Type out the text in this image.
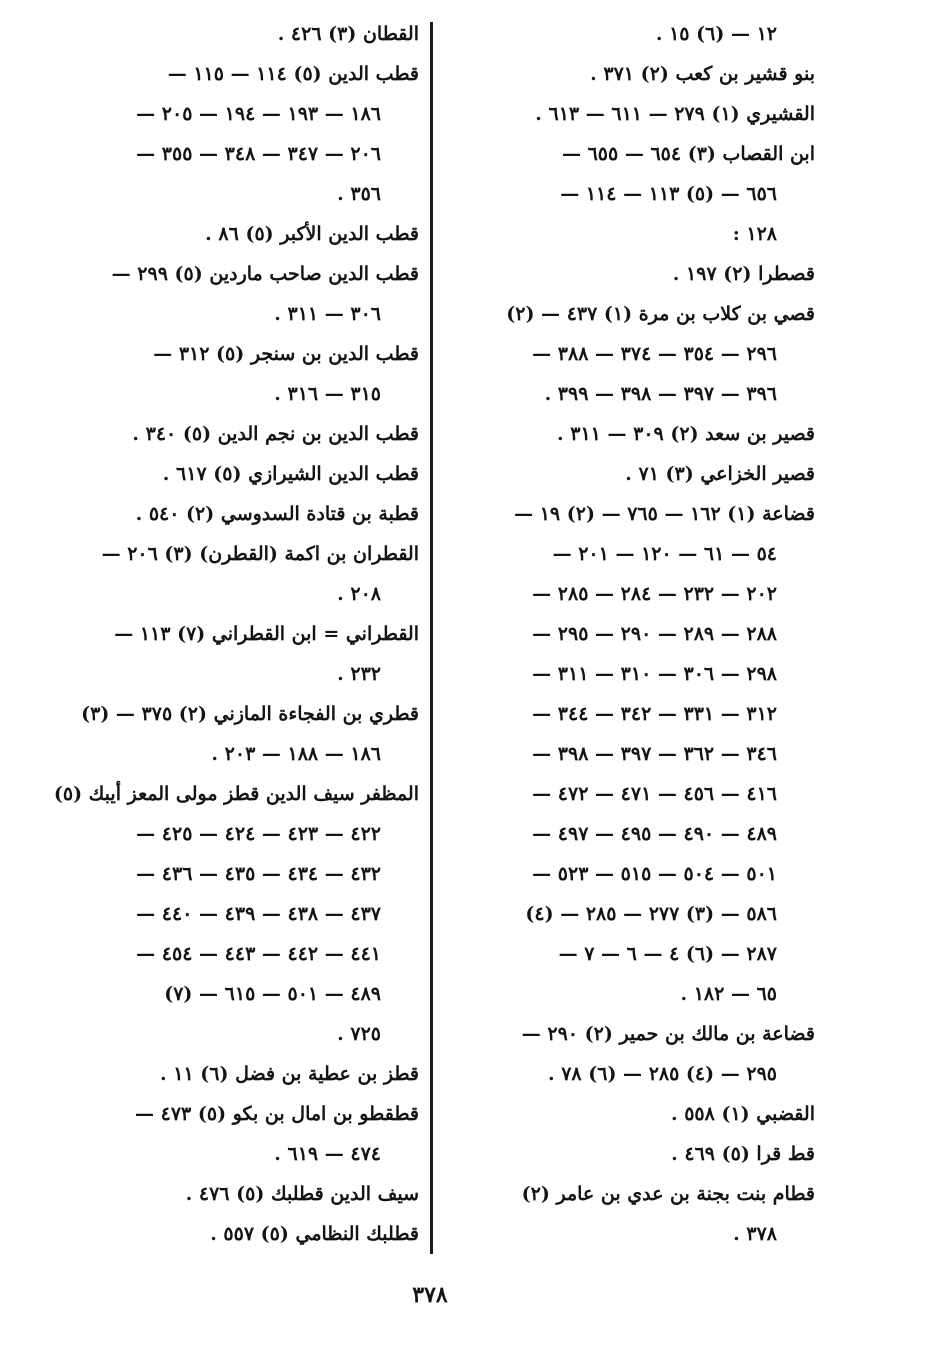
١٢ — (٦) ١٥ .
بنو قشير بن كعب (٢) ٣٧١ .
القشيري (١) ٢٧٩ — ٦١١ — ٦١٣ .
ابن القصاب (٣) ٦٥٤ — ٦٥٥ —
٦٥٦ — (٥) ١١٣ — ١١٤ —
١٢٨ :
قصطرا (٢) ١٩٧ .
قصي بن كلاب بن مرة (١) ٤٣٧ — (٢)
٢٩٦ — ٣٥٤ — ٣٧٤ — ٣٨٨ —
٣٩٦ — ٣٩٧ — ٣٩٨ — ٣٩٩ .
قصير بن سعد (٢) ٣٠٩ — ٣١١ .
قصير الخزاعي (٣) ٧١ .
قضاعة (١) ١٦٢ — ٧٦٥ — (٢) ١٩ —
٥٤ — ٦١ — ١٢٠ — ٢٠١ —
٢٠٢ — ٢٣٢ — ٢٨٤ — ٢٨٥ —
٢٨٨ — ٢٨٩ — ٢٩٠ — ٢٩٥ —
٢٩٨ — ٣٠٦ — ٣١٠ — ٣١١ —
٣١٢ — ٣٣١ — ٣٤٢ — ٣٤٤ —
٣٤٦ — ٣٦٢ — ٣٩٧ — ٣٩٨ —
٤١٦ — ٤٥٦ — ٤٧١ — ٤٧٢ —
٤٨٩ — ٤٩٠ — ٤٩٥ — ٤٩٧ —
٥٠١ — ٥٠٤ — ٥١٥ — ٥٢٣ —
٥٨٦ — (٣) ٢٧٧ — ٢٨٥ — (٤)
٢٨٧ — (٦) ٤ — ٦ — ٧ —
٦٥ — ١٨٢ .
قضاعة بن مالك بن حمير (٢) ٢٩٠ —
٢٩٥ — (٤) ٢٨٥ — (٦) ٧٨ .
القضبي (١) ٥٥٨ .
قط قرا (٥) ٤٦٩ .
قطام بنت بجنة بن عدي بن عامر (٢)
٣٧٨ .
القطان (٣) ٤٢٦ .
قطب الدين (٥) ١١٤ — ١١٥ —
١٨٦ — ١٩٣ — ١٩٤ — ٢٠٥ —
٢٠٦ — ٣٤٧ — ٣٤٨ — ٣٥٥ —
٣٥٦ .
قطب الدين الأكبر (٥) ٨٦ .
قطب الدين صاحب ماردين (٥) ٢٩٩ —
٣٠٦ — ٣١١ .
قطب الدين بن سنجر (٥) ٣١٢ —
٣١٥ — ٣١٦ .
قطب الدين بن نجم الدين (٥) ٣٤٠ .
قطب الدين الشيرازي (٥) ٦١٧ .
قطبة بن قتادة السدوسي (٢) ٥٤٠ .
القطران بن اكمة (القطرن) (٣) ٢٠٦ —
٢٠٨ .
القطراني = ابن القطراني (٧) ١١٣ —
٢٣٢ .
قطري بن الفجاءة المازني (٢) ٣٧٥ — (٣)
١٨٦ — ١٨٨ — ٢٠٣ .
المظفر سيف الدين قطز مولى المعز أيبك (٥)
٤٢٢ — ٤٢٣ — ٤٢٤ — ٤٢٥ —
٤٣٢ — ٤٣٤ — ٤٣٥ — ٤٣٦ —
٤٣٧ — ٤٣٨ — ٤٣٩ — ٤٤٠ —
٤٤١ — ٤٤٢ — ٤٤٣ — ٤٥٤ —
٤٨٩ — ٥٠١ — ٦١٥ — (٧)
٧٢٥ .
قطز بن عطية بن فضل (٦) ١١ .
قطقطو بن امال بن بكو (٥) ٤٧٣ —
٤٧٤ — ٦١٩ .
سيف الدين قطلبك (٥) ٤٧٦ .
قطلبك النظامي (٥) ٥٥٧ .
٣٧٨
